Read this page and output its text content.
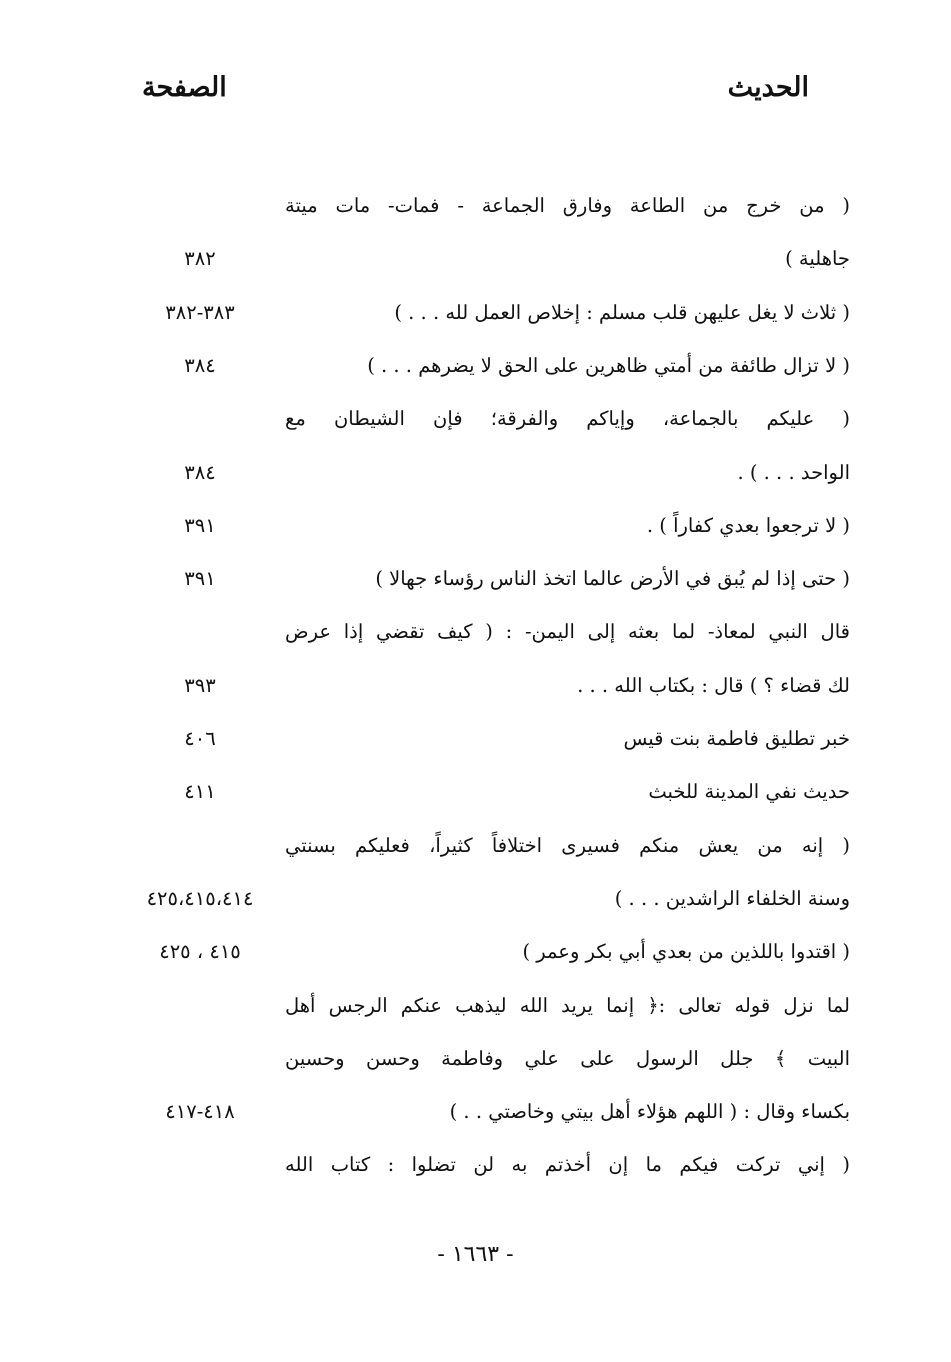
الحديث
الصفحة
( من خرج من الطاعة وفارق الجماعة - فمات- مات ميتة
جاهلية )
٣٨٢
( ثلاث لا يغل عليهن قلب مسلم : إخلاص العمل لله . . . )
٣٨٣-٣٨٢
( لا تزال طائفة من أمتي ظاهرين على الحق لا يضرهم . . . )
٣٨٤
( عليكم بالجماعة، وإياكم والفرقة؛ فإن الشيطان مع
الواحد . . . ) .
٣٨٤
( لا ترجعوا بعدي كفاراً ) .
٣٩١
( حتى إذا لم يُبق في الأرض عالما اتخذ الناس رؤساء جهالا )
٣٩١
قال النبي لمعاذ- لما بعثه إلى اليمن- : ( كيف تقضي إذا عرض
لك قضاء ؟ ) قال : بكتاب الله . . .
٣٩٣
خبر تطليق فاطمة بنت قيس
٤٠٦
حديث نفي المدينة للخبث
٤١١
( إنه من يعش منكم فسيرى اختلافاً كثيراً، فعليكم بسنتي
وسنة الخلفاء الراشدين . . . )
٤٢٥،٤١٥،٤١٤
( اقتدوا باللذين من بعدي أبي بكر وعمر )
٤١٥ ، ٤٢٥
لما نزل قوله تعالى :﴿ إنما يريد الله ليذهب عنكم الرجس أهل
البيت ﴾ جلل الرسول على علي وفاطمة وحسن وحسين
بكساء وقال : ( اللهم هؤلاء أهل بيتي وخاصتي . . )
٤١٨-٤١٧
( إني تركت فيكم ما إن أخذتم به لن تضلوا : كتاب الله
- ١٦٦٣ -
